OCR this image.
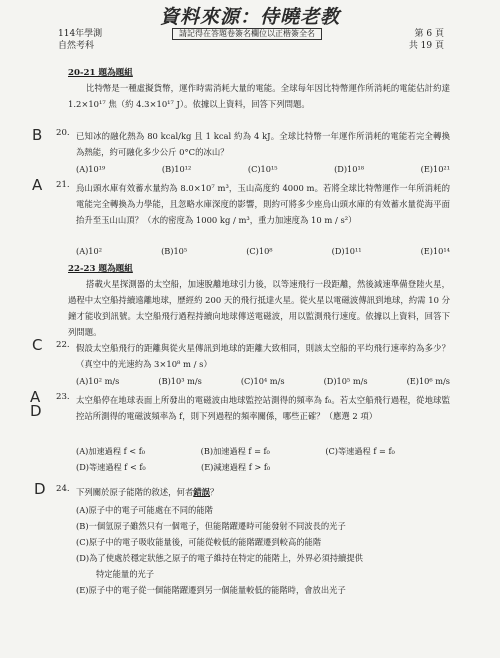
資料來源：侍曉老教
114年學測
自然考科
請記得在答題卷簽名欄位以正楷簽全名	第 6 頁
共 19 頁
20-21 題為題組
比特幣是一種虛擬貨幣，運作時需消耗大量的電能。全球每年因比特幣運作所消耗的電能估計約達 1.2×10¹⁷ 焦（約 4.3×10¹⁷ J）。依據以上資料，回答下列問題。
B 20. 已知冰的融化熱為 80 kcal/kg 且 1 kcal 約為 4 kJ。全球比特幣一年運作所消耗的電能若完全轉換為熱能，約可融化多少公斤 0°C的冰山？
(A)10¹⁹	(B)10¹²	(C)10¹⁵	(D)10¹⁸	(E)10²¹
A 21. 烏山頭水庫有效蓄水量約為 8.0×10⁷ m³，玉山高度約 4000 m。若將全球比特幣運作一年所消耗的電能完全轉換為力學能，且忽略水庫深度的影響，則約可將多少座烏山頭水庫的有效蓄水量從海平面抬升至玉山山頂？（水的密度為 1000 kg / m³，重力加速度為 10 m / s²）
(A)10²	(B)10⁵	(C)10⁸	(D)10¹¹	(E)10¹⁴
22-23 題為題組
搭載火星探測器的太空船，加速脫離地球引力後，以等速飛行一段距離，然後減速準備登陸火星，過程中太空船持續遠離地球，歷經約 200 天的飛行抵達火星。從火星以電磁波傳訊到地球，約需 10 分鐘才能收到訊號。太空船飛行過程持續向地球傳送電磁波，用以監測飛行速度。依據以上資料，回答下列問題。
C 22. 假設太空船飛行的距離與從火星傳訊到地球的距離大致相同，則該太空船的平均飛行速率約為多少？（真空中的光速約為 3×10⁸ m / s）
(A)10² m/s	(B)10³ m/s	(C)10⁴ m/s	(D)10⁵ m/s	(E)10⁶ m/s
A D
23. 太空船停在地球表面上所發出的電磁波由地球監控站測得的頻率為 f₀。若太空船飛行過程，從地球監控站所測得的電磁波頻率為 f，則下列過程的頻率關係，哪些正確？（應選 2 項）
(A)加速過程 f < f₀	(B)加速過程 f = f₀	(C)等速過程 f = f₀
(D)等速過程 f < f₀	(E)減速過程 f > f₀
D 24. 下列關於原子能階的敘述，何者錯誤？
(A)原子中的電子可能處在不同的能階
(B)一個氫原子雖然只有一個電子，但能階躍遷時可能發射不同波長的光子
(C)原子中的電子吸收能量後，可能從較低的能階躍遷到較高的能階
(D)為了使處於穩定狀態之原子的電子維持在特定的能階上，外界必須持續提供
特定能量的光子
(E)原子中的電子從一個能階躍遷到另一個能量較低的能階時，會放出光子
